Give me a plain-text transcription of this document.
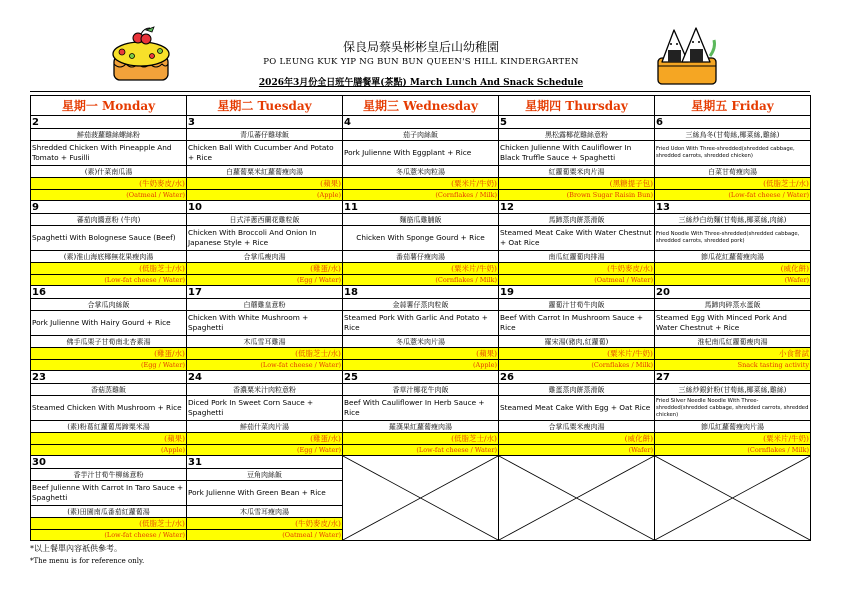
保良局蔡吳彬彬皇后山幼稚園
PO LEUNG KUK YIP NG BUN BUN QUEEN'S HILL KINDERGARTEN
2026年3月份全日班午膳餐單(茶點) March Lunch And Snack Schedule
星期一 Monday	星期二 Tuesday	星期三 Wednesday	星期四 Thursday	星期五 Friday
2	3	4	5	6
鮮茄菠蘿雞絲螺絲粉	青瓜蕃仔雞球飯	茄子肉絲飯	黑松露椰花雞絲意粉	三絲烏冬(甘荀絲,椰菜絲,雞絲)
Shredded Chicken With Pineapple And Tomato + Fusilli	Chicken Ball With Cucumber And Potato + Rice	Pork Julienne With Eggplant + Rice	Chicken Julienne With Cauliflower In Black Truffle Sauce + Spaghetti	Fried Udon With Three-shredded(shredded cabbage, shredded carrots, shredded chicken)
(素)什菜南瓜湯	白蘿蔔粟米紅蘿蔔瘦肉湯	冬瓜薏米肉粒湯	紅蘿蔔粟米肉片湯	白菜甘荀瘦肉湯
(牛奶麥皮/水)	(蘋果)	(粟米片/牛奶)	(黑糖提子包)	(低脂芝士/水)
(Oatmeal / Water)	(Apple)	(Cornflakes / Milk)	(Brown Sugar Raisin Bun)	(Low-fat cheese / Water)
9	10	11	12	13
蕃茄肉醬意粉 (牛肉)	日式洋蔥西蘭花雞粒飯	麵筋瓜雞脯飯	馬蹄蒸肉餅蒸滑飯	三絲炒白幼麵(甘荀絲,椰菜絲,肉絲)
Spaghetti With Bolognese Sauce (Beef)	Chicken With Broccoli And Onion In Japanese Style + Rice	Chicken With Sponge Gourd + Rice	Steamed Meat Cake With Water Chestnut + Oat Rice	Fried Noodle With Three-shredded(shredded cabbage, shredded carrots, shredded pork)
(素)淮山海底椰無花果瘦肉湯	合掌瓜瘦肉湯	番茄薯仔瘦肉湯	南瓜紅蘿蔔肉排湯	節瓜花紅蘿蔔瘦肉湯
(低脂芝士/水)	(雞蛋/水)	(粟米片/牛奶)	(牛奶麥皮/水)	(威化餅)
(Low-fat cheese / Water)	(Egg / Water)	(Cornflakes / Milk)	(Oatmeal / Water)	(Wafer)
16	17	18	19	20
合掌瓜肉絲飯	白蘑雞皇意粉	金蒜薯仔蒸肉粒飯	蘿蔔汁甘荀牛肉飯	馬蹄肉碎蒸水蛋飯
Pork Julienne With Hairy Gourd + Rice	Chicken With White Mushroom + Spaghetti	Steamed Pork With Garlic And Potato + Rice	Beef With Carrot In Mushroom Sauce + Rice	Steamed Egg With Minced Pork And Water Chestnut + Rice
佛手瓜栗子甘荀南北杏素湯	木瓜雪耳雞湯	冬瓜薏米肉片湯	羅宋湯(豬肉,紅蘿蔔)	淮杞南瓜紅蘿蔔瘦肉湯
(雞蛋/水)	(低脂芝士/水)	(蘋果)	(粟米片/牛奶)	小食嘗試
(Egg / Water)	(Low-fat cheese / Water)	(Apple)	(Cornflakes / Milk)	Snack tasting activity
23	24	25	26	27
香菇蒸雞飯	香濃粟米汁肉粒意粉	香草汁椰花牛肉飯	雞蛋蒸肉餅蒸滑飯	三絲炒銀針粉(甘荀絲,椰菜絲,雞絲)
Steamed Chicken With Mushroom + Rice	Diced Pork In Sweet Corn Sauce + Spaghetti	Beef With Cauliflower In Herb Sauce + Rice	Steamed Meat Cake With Egg + Oat Rice	Fried Silver Needle Noodle With Three-shredded(shredded cabbage, shredded carrots, shredded chicken)
(素)粉葛紅蘿蔔馬蹄粟米湯	鮮茄什菜肉片湯	羅漢果紅蘿蔔瘦肉湯	合掌瓜粟米瘦肉湯	節瓜紅蘿蔔瘦肉片湯
(蘋果)	(雞蛋/水)	(低脂芝士/水)	(威化餅)	(粟米片/牛奶)
(Apple)	(Egg / Water)	(Low-fat cheese / Water)	(Wafer)	(Cornflakes / Milk)
30	31	

香芋汁甘荀牛柳絲意粉	豆角肉絲飯			
Beef Julienne With Carrot In Taro Sauce + Spaghetti	Pork Julienne With Green Bean + Rice			
(素)田園南瓜番茄紅蘿蔔湯	木瓜雪耳瘦肉湯			
(低脂芝士/水)	(牛奶麥皮/水)			
(Low-fat cheese / Water)	(Oatmeal / Water)			
*以上餐單內容祇供參考。
*The menu is for reference only.
